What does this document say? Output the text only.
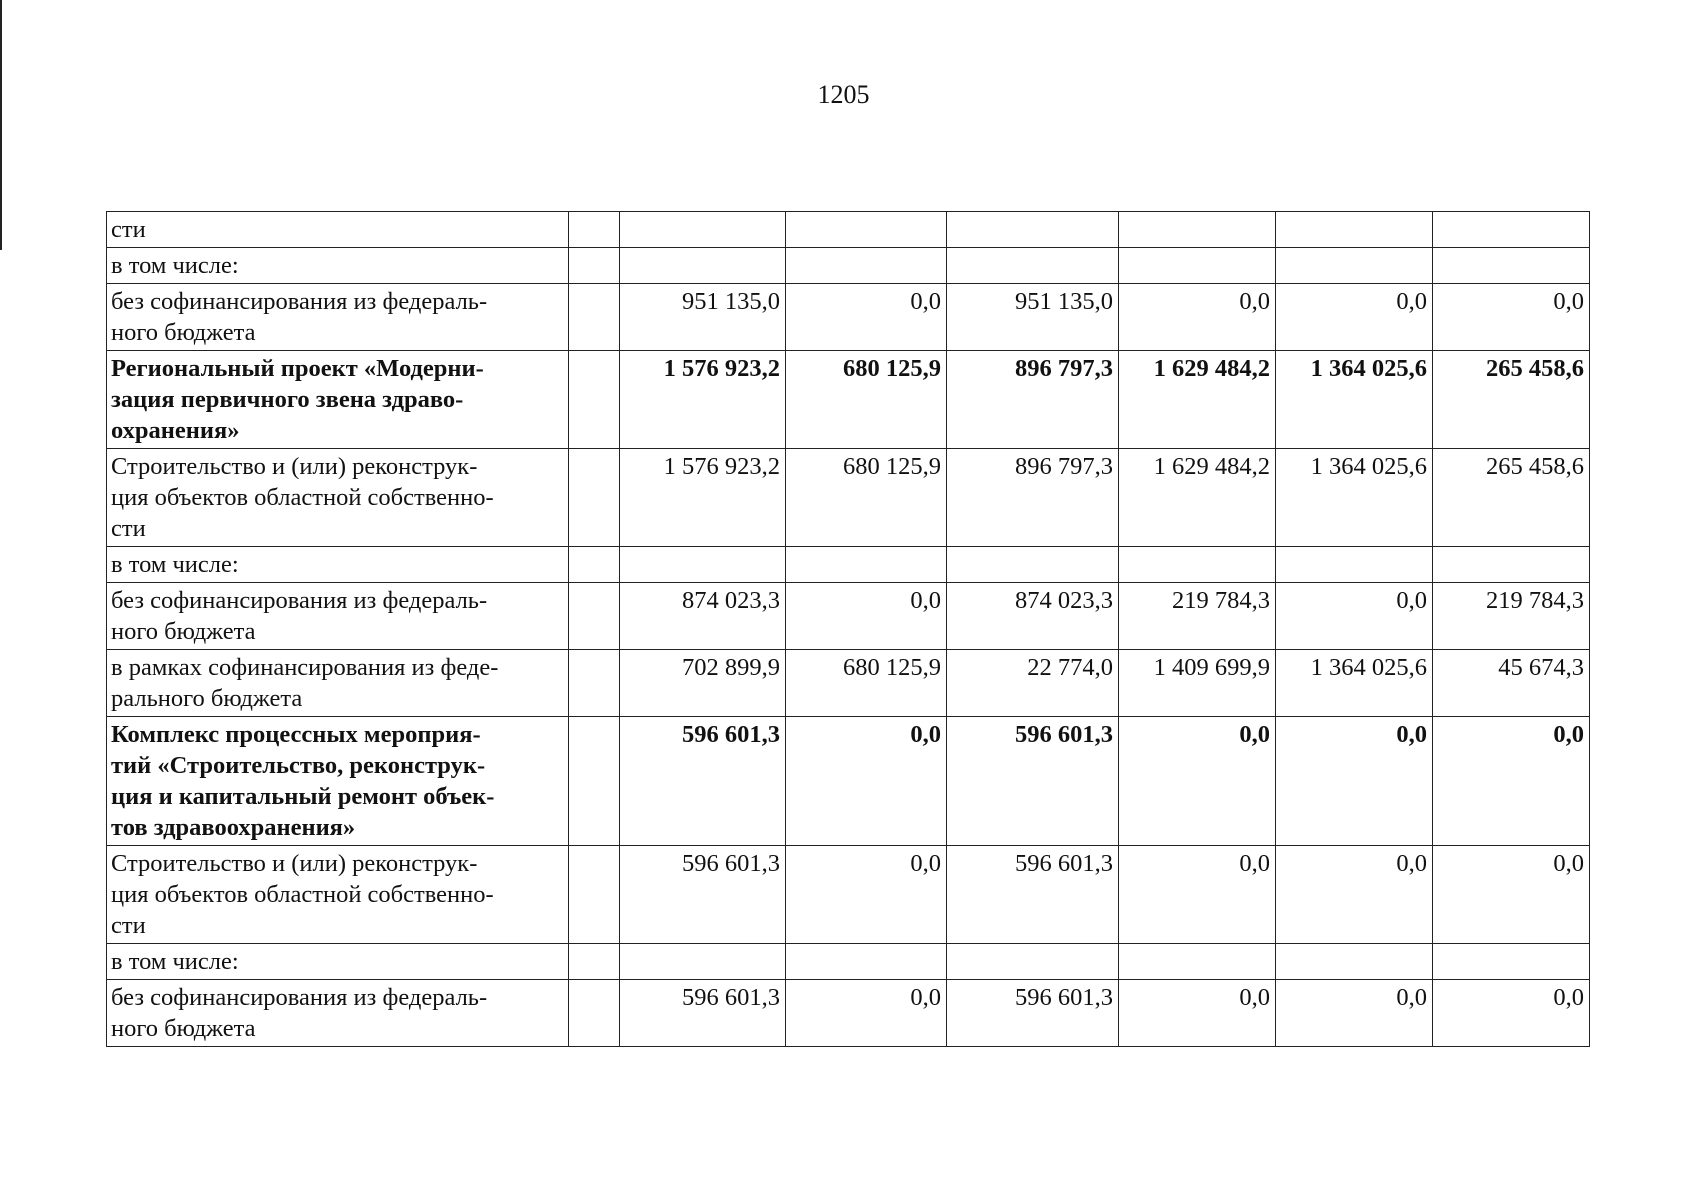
1205
сти							

в том числе:							

без софинансирования из федераль-
ного бюджета		951 135,0	0,0	951 135,0	0,0	0,0	0,0

Региональный проект «Модерни-
зация первичного звена здраво-
охранения»		1 576 923,2	680 125,9	896 797,3	1 629 484,2	1 364 025,6	265 458,6

Строительство и (или) реконструк-
ция объектов областной собственно-
сти		1 576 923,2	680 125,9	896 797,3	1 629 484,2	1 364 025,6	265 458,6

в том числе:							

без софинансирования из федераль-
ного бюджета		874 023,3	0,0	874 023,3	219 784,3	0,0	219 784,3

в рамках софинансирования из феде-
рального бюджета		702 899,9	680 125,9	22 774,0	1 409 699,9	1 364 025,6	45 674,3

Комплекс процессных мероприя-
тий «Строительство, реконструк-
ция и капитальный ремонт объек-
тов здравоохранения»		596 601,3	0,0	596 601,3	0,0	0,0	0,0

Строительство и (или) реконструк-
ция объектов областной собственно-
сти		596 601,3	0,0	596 601,3	0,0	0,0	0,0

в том числе:							

без софинансирования из федераль-
ного бюджета		596 601,3	0,0	596 601,3	0,0	0,0	0,0
